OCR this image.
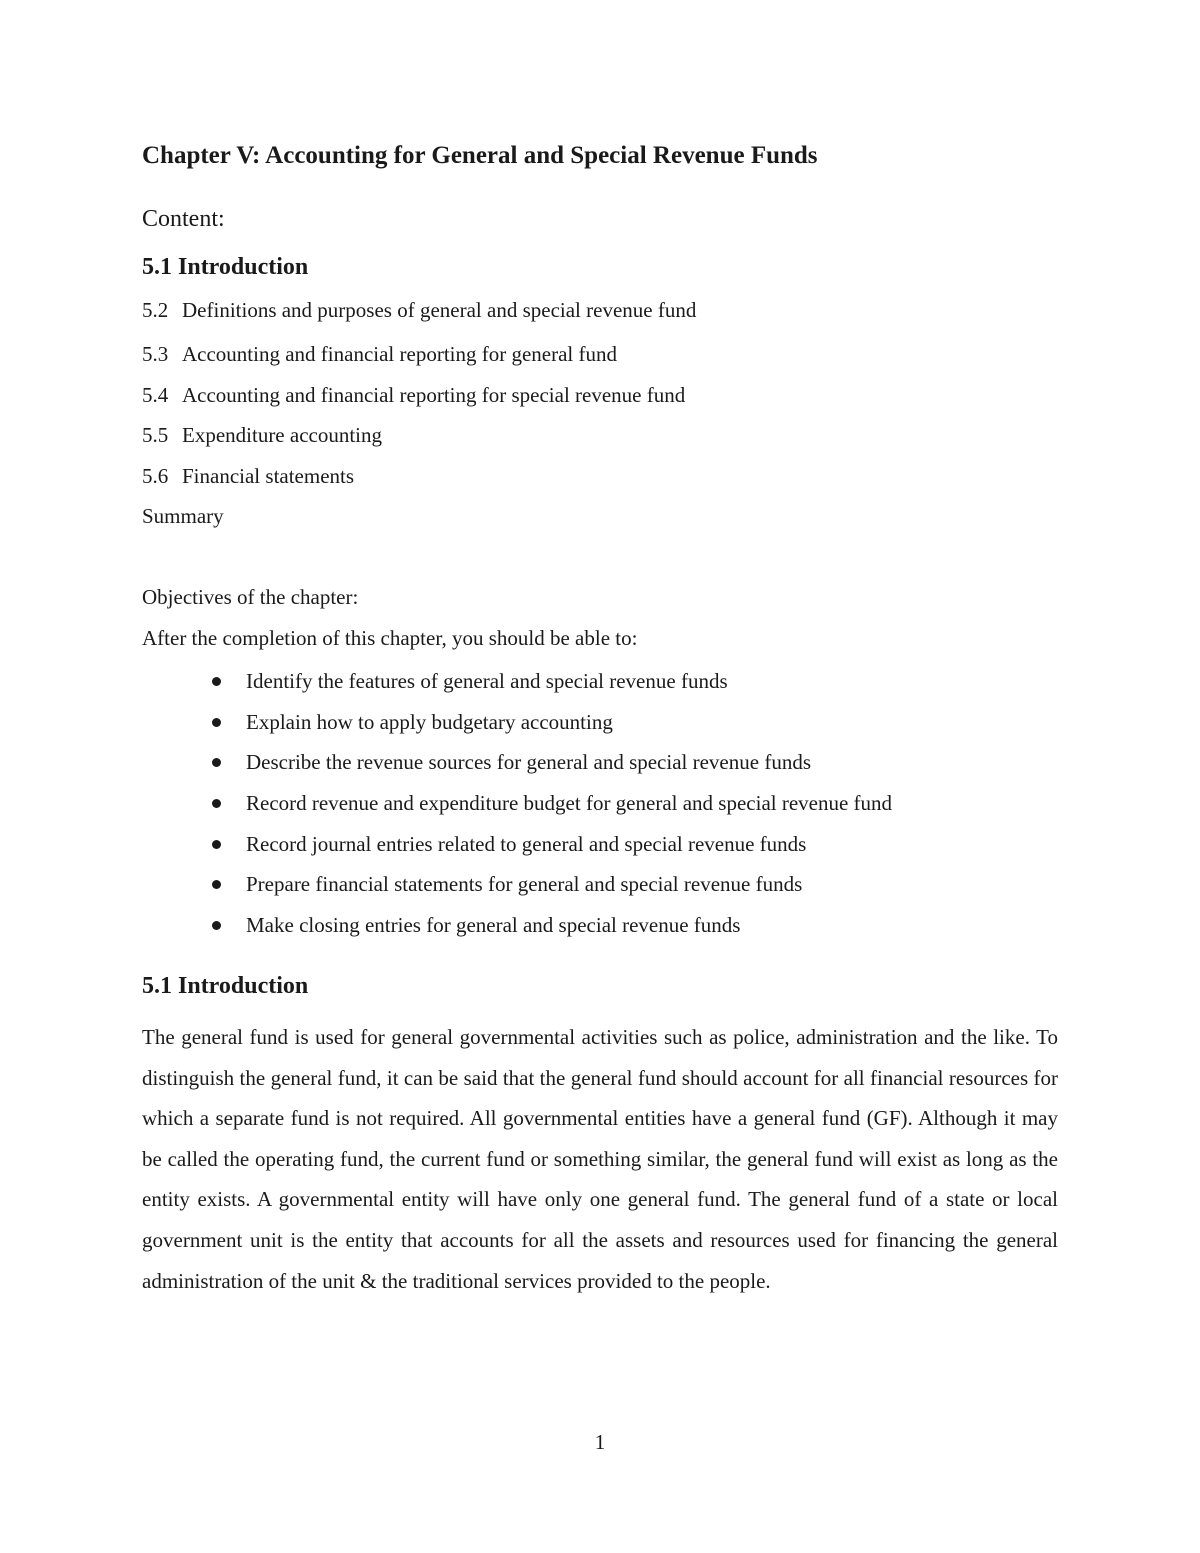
Chapter V: Accounting for General and Special Revenue Funds
Content:
5.1 Introduction
5.2 Definitions and purposes of general and special revenue fund
5.3 Accounting and financial reporting for general fund
5.4 Accounting and financial reporting for special revenue fund
5.5 Expenditure accounting
5.6 Financial statements
Summary
Objectives of the chapter:
After the completion of this chapter, you should be able to:
Identify the features of general and special revenue funds
Explain how to apply budgetary accounting
Describe the revenue sources for general and special revenue funds
Record revenue and expenditure budget for general and special revenue fund
Record journal entries related to general and special revenue funds
Prepare financial statements for general and special revenue funds
Make closing entries for general and special revenue funds
5.1 Introduction

The general fund is used for general governmental activities such as police, administration and the like. To distinguish the general fund, it can be said that the general fund should account for all financial resources for which a separate fund is not required. All governmental entities have a general fund (GF). Although it may be called the operating fund, the current fund or something similar, the general fund will exist as long as the entity exists. A governmental entity will have only one general fund. The general fund of a state or local government unit is the entity that accounts for all the assets and resources used for financing the general administration of the unit & the traditional services provided to the people.

1
